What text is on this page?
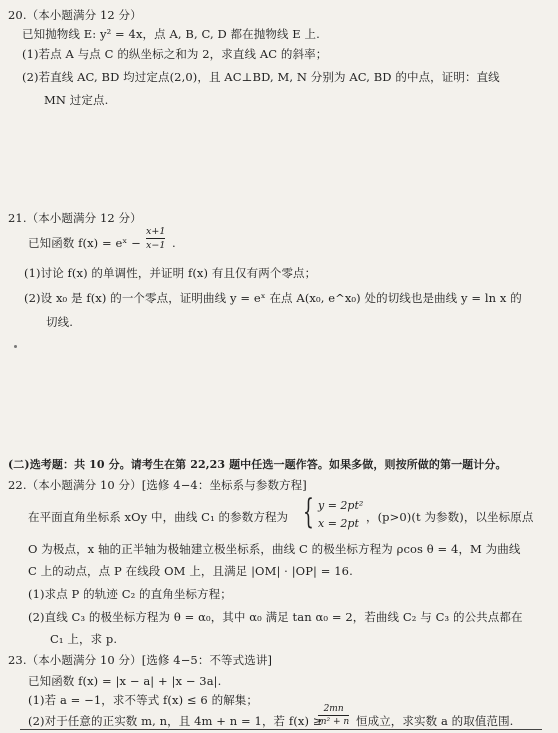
20.（本小题满分 12 分）
已知抛物线 E: y² = 4x，点 A, B, C, D 都在抛物线 E 上.
(1)若点 A 与点 C 的纵坐标之和为 2，求直线 AC 的斜率；
(2)若直线 AC, BD 均过定点(2,0)，且 AC⊥BD, M, N 分别为 AC, BD 的中点，证明：直线
MN 过定点.
21.（本小题满分 12 分）
已知函数 f(x) = eˣ −
x+1
x−1 .
(1)讨论 f(x) 的单调性，并证明 f(x) 有且仅有两个零点；
(2)设 x₀ 是 f(x) 的一个零点，证明曲线 y = eˣ 在点 A(x₀, e^x₀) 处的切线也是曲线 y = ln x 的
切线.
(二)选考题：共 10 分。请考生在第 22,23 题中任选一题作答。如果多做，则按所做的第一题计分。
22.（本小题满分 10 分）[选修 4−4：坐标系与参数方程]
在平面直角坐标系 xOy 中，曲线 C₁ 的参数方程为 { y = 2pt²
x = 2pt ，(p>0)(t 为参数)，以坐标原点
O 为极点，x 轴的正半轴为极轴建立极坐标系，曲线 C 的极坐标方程为 ρcos θ = 4，M 为曲线
C 上的动点，点 P 在线段 OM 上，且满足 |OM| · |OP| = 16.
(1)求点 P 的轨迹 C₂ 的直角坐标方程；
(2)直线 C₃ 的极坐标方程为 θ = α₀，其中 α₀ 满足 tan α₀ = 2，若曲线 C₂ 与 C₃ 的公共点都在
C₁ 上，求 p.
23.（本小题满分 10 分）[选修 4−5：不等式选讲]
已知函数 f(x) = |x − a| + |x − 3a|.
(1)若 a = −1，求不等式 f(x) ≤ 6 的解集；
(2)对于任意的正实数 m, n，且 4m + n = 1，若 f(x) ≥
2mn
m² + n 恒成立，求实数 a 的取值范围.
